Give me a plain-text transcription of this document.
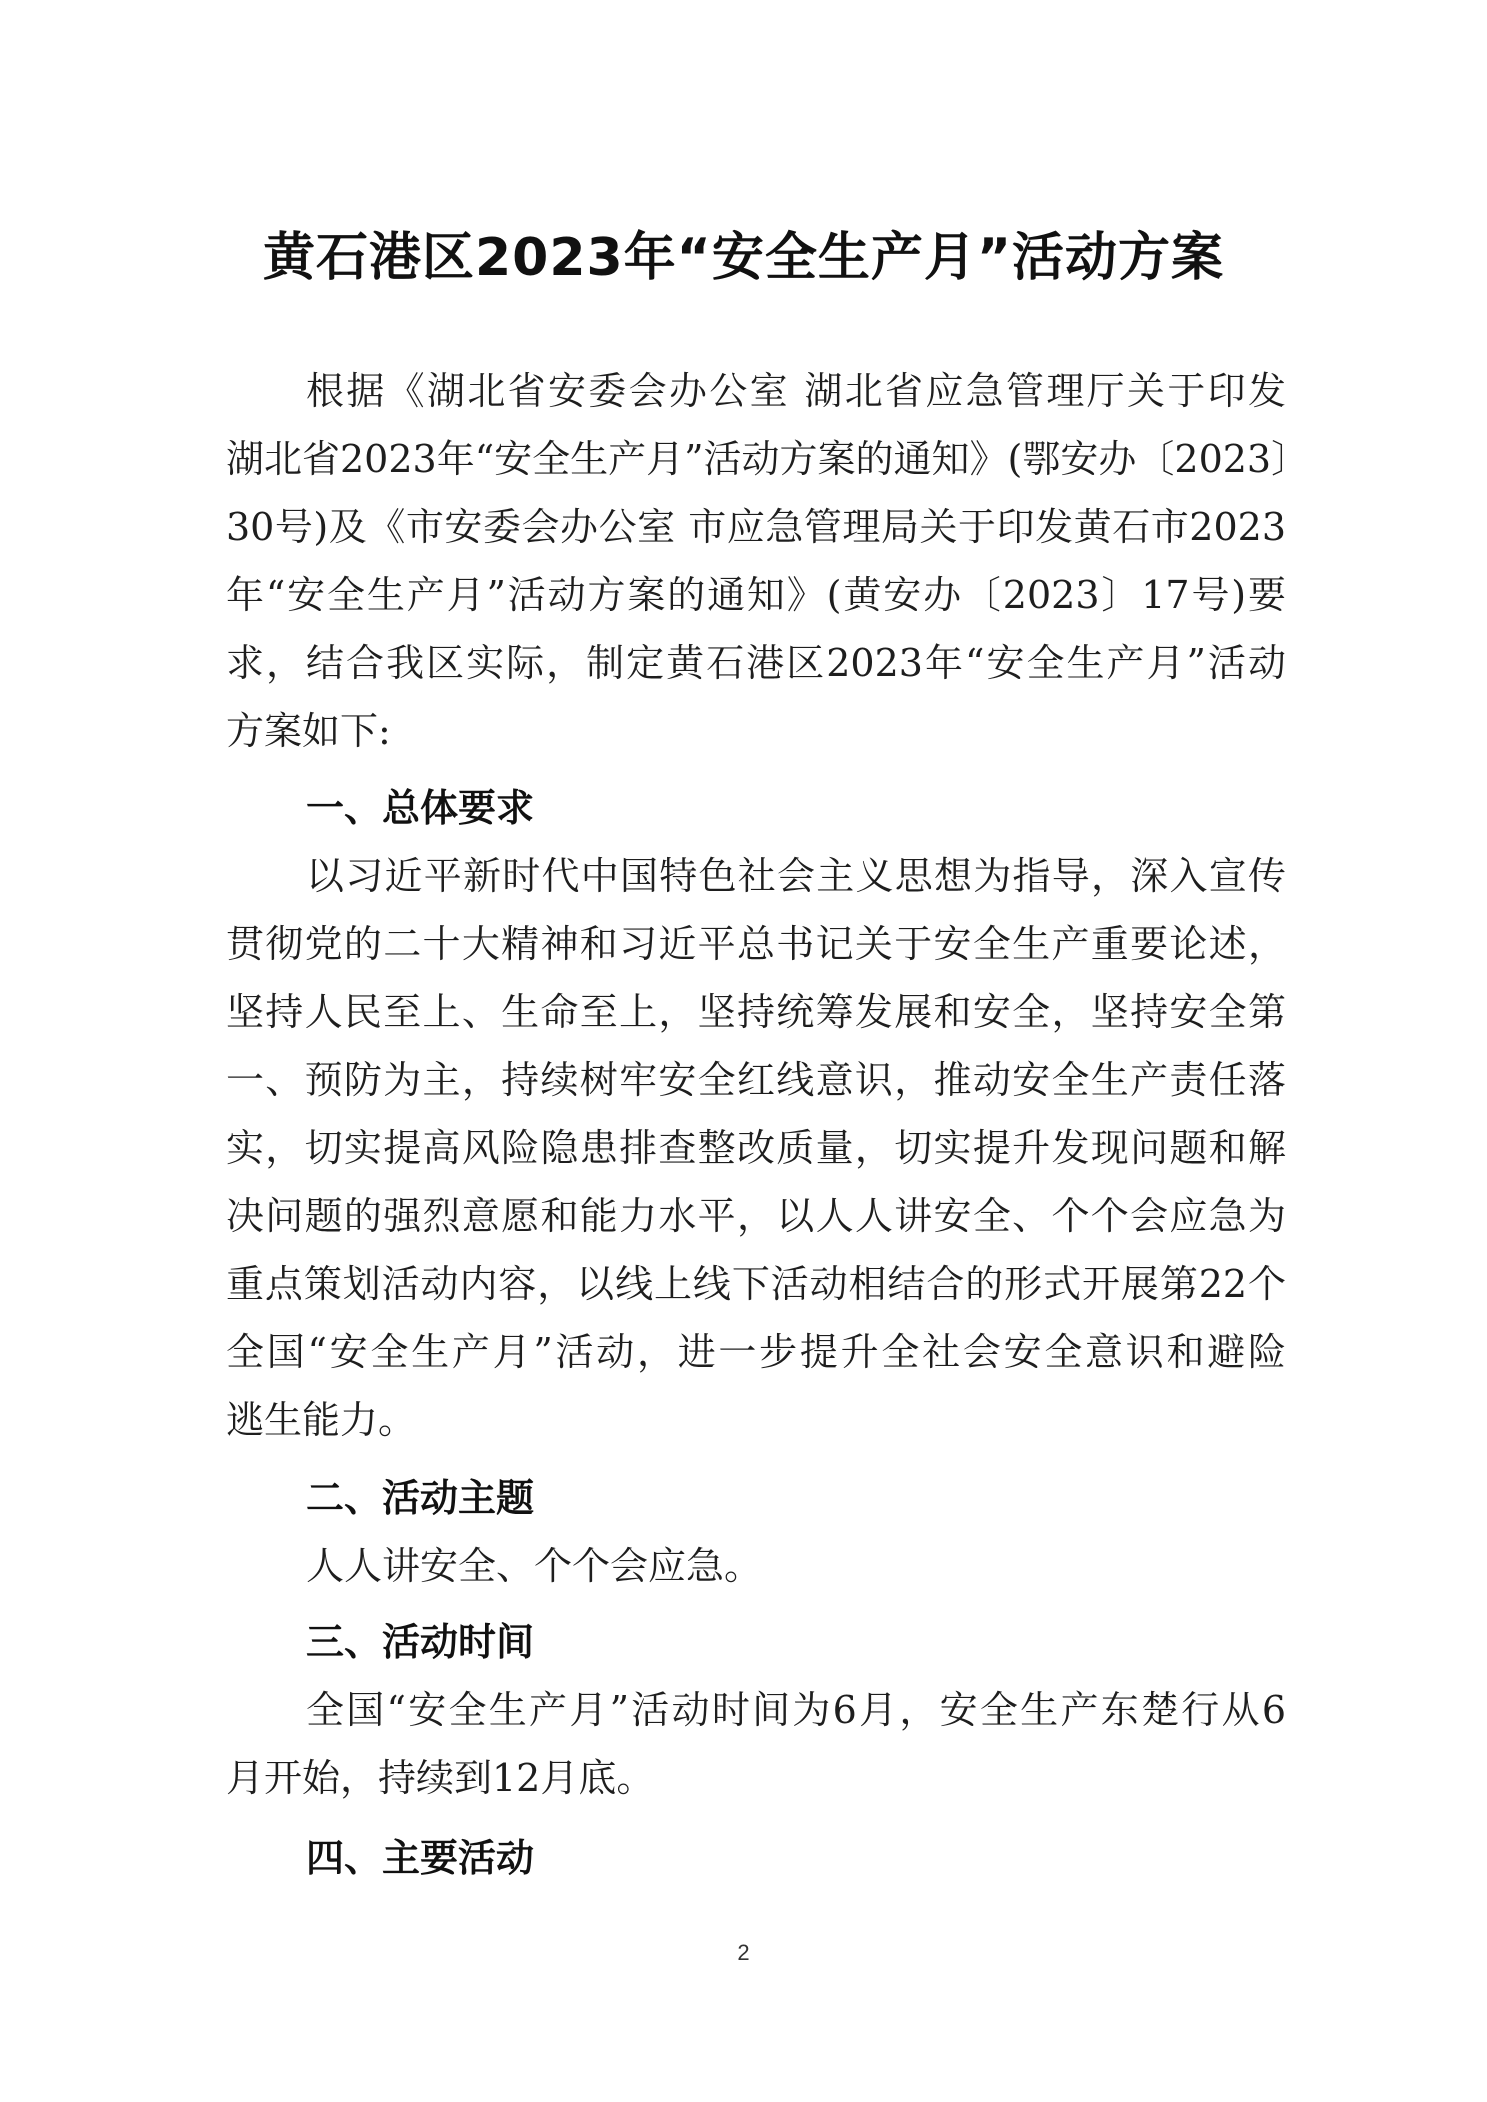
黄石港区2023年“安全生产月”活动方案
根据《湖北省安委会办公室 湖北省应急管理厅关于印发
湖北省2023年“安全生产月”活动方案的通知》(鄂安办〔2023〕
30号)及《市安委会办公室 市应急管理局关于印发黄石市2023
年“安全生产月”活动方案的通知》(黄安办〔2023〕17号)要
求，结合我区实际，制定黄石港区2023年“安全生产月”活动
方案如下:
一、总体要求
以习近平新时代中国特色社会主义思想为指导，深入宣传
贯彻党的二十大精神和习近平总书记关于安全生产重要论述，
坚持人民至上、生命至上，坚持统筹发展和安全，坚持安全第
一、预防为主，持续树牢安全红线意识，推动安全生产责任落
实，切实提高风险隐患排查整改质量，切实提升发现问题和解
决问题的强烈意愿和能力水平，以人人讲安全、个个会应急为
重点策划活动内容，以线上线下活动相结合的形式开展第22个
全国“安全生产月”活动，进一步提升全社会安全意识和避险
逃生能力。
二、活动主题
人人讲安全、个个会应急。
三、活动时间
全国“安全生产月”活动时间为6月，安全生产东楚行从6
月开始，持续到12月底。
四、主要活动
2
